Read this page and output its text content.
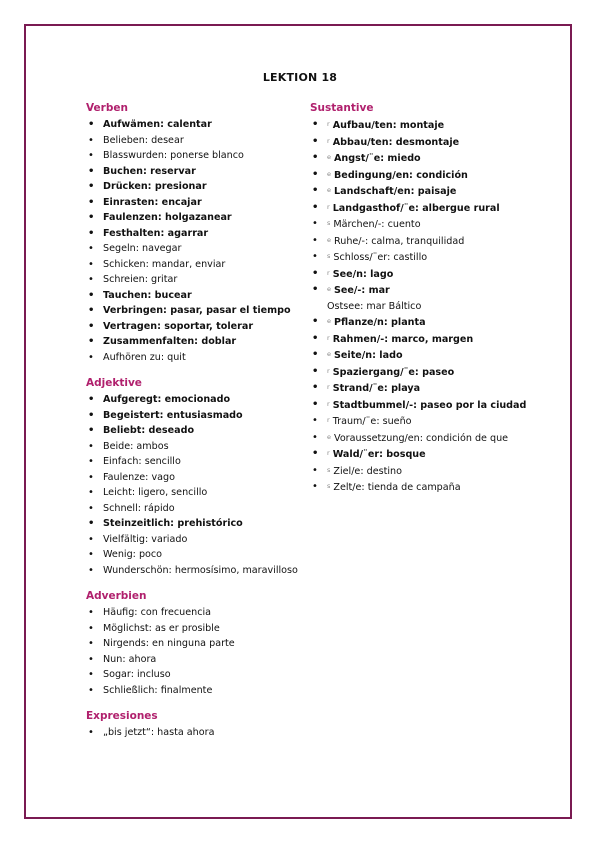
LEKTION 18
Verben
• Aufwämen: calentar
• Belieben: desear
• Blasswurden: ponerse blanco
• Buchen: reservar
• Drücken: presionar
• Einrasten: encajar
• Faulenzen: holgazanear
• Festhalten: agarrar
• Segeln: navegar
• Schicken: mandar, enviar
• Schreien: gritar
• Tauchen: bucear
• Verbringen: pasar, pasar el tiempo
• Vertragen: soportar, tolerar
• Zusammenfalten: doblar
• Aufhören zu: quit
Adjektive
• Aufgeregt: emocionado
• Begeistert: entusiasmado
• Beliebt: deseado
• Beide: ambos
• Einfach: sencillo
• Faulenze: vago
• Leicht: ligero, sencillo
• Schnell: rápido
• Steinzeitlich: prehistórico
• Vielfältig: variado
• Wenig: poco
• Wunderschön: hermosísimo, maravilloso
Adverbien
• Häufig: con frecuencia
• Möglichst: as er prosible
• Nirgends: en ninguna parte
• Nun: ahora
• Sogar: incluso
• Schließlich: finalmente
Expresiones
• „bis jetzt“: hasta ahora
Sustantive
• $^r$ Aufbau/ten: montaje
• $^r$ Abbau/ten: desmontaje
• $^e$ Angst/¨e: miedo
• $^e$ Bedingung/en: condición
• $^e$ Landschaft/en: paisaje
• $^r$ Landgasthof/¨e: albergue rural
• $^s$ Märchen/-: cuento
• $^e$ Ruhe/-: calma, tranquilidad
• $^s$ Schloss/¨er: castillo
• $^r$ See/n: lago
• $^e$ See/-: mar
Ostsee: mar Báltico
• $^e$ Pflanze/n: planta
• $^r$ Rahmen/-: marco, margen
• $^e$ Seite/n: lado
• $^r$ Spaziergang/¨e: paseo
• $^r$ Strand/¨e: playa
• $^r$ Stadtbummel/-: paseo por la ciudad
• $^r$ Traum/¨e: sueño
• $^e$ Voraussetzung/en: condición de que
• $^r$ Wald/¨er: bosque
• $^s$ Ziel/e: destino
• $^s$ Zelt/e: tienda de campaña
